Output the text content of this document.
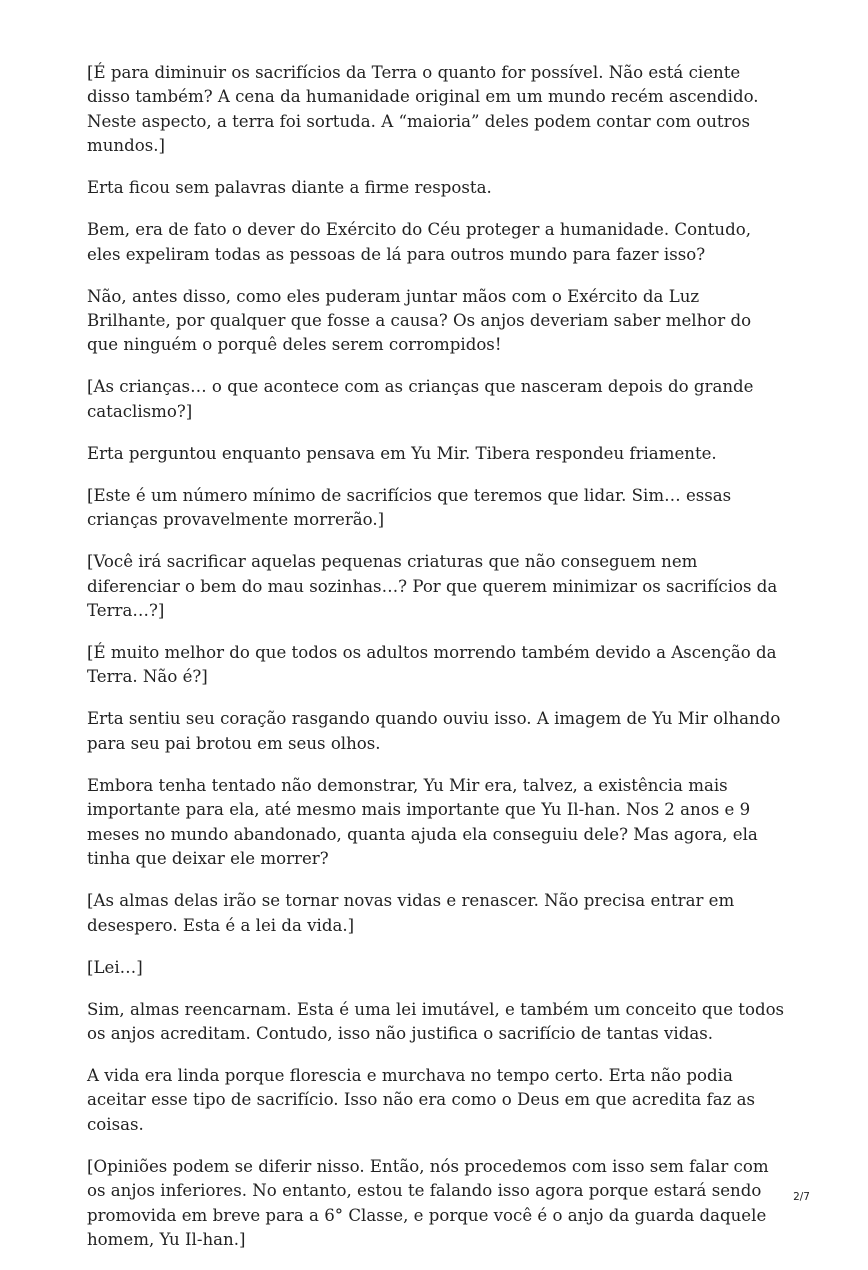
[É para diminuir os sacrifícios da Terra o quanto for possível. Não está ciente disso também? A cena da humanidade original em um mundo recém ascendido. Neste aspecto, a terra foi sortuda. A “maioria” deles podem contar com outros mundos.]

Erta ficou sem palavras diante a firme resposta.

Bem, era de fato o dever do Exército do Céu proteger a humanidade. Contudo, eles expeliram todas as pessoas de lá para outros mundo para fazer isso?

Não, antes disso, como eles puderam juntar mãos com o Exército da Luz Brilhante, por qualquer que fosse a causa? Os anjos deveriam saber melhor do que ninguém o porquê deles serem corrompidos!

[As crianças… o que acontece com as crianças que nasceram depois do grande cataclismo?]

Erta perguntou enquanto pensava em Yu Mir. Tibera respondeu friamente.

[Este é um número mínimo de sacrifícios que teremos que lidar. Sim… essas crianças provavelmente morrerão.]

[Você irá sacrificar aquelas pequenas criaturas que não conseguem nem diferenciar o bem do mau sozinhas…? Por que querem minimizar os sacrifícios da Terra…?]

[É muito melhor do que todos os adultos morrendo também devido a Ascenção da Terra. Não é?]

Erta sentiu seu coração rasgando quando ouviu isso. A imagem de Yu Mir olhando para seu pai brotou em seus olhos.

Embora tenha tentado não demonstrar, Yu Mir era, talvez, a existência mais importante para ela, até mesmo mais importante que Yu Il-han. Nos 2 anos e 9 meses no mundo abandonado, quanta ajuda ela conseguiu dele? Mas agora, ela tinha que deixar ele morrer?

[As almas delas irão se tornar novas vidas e renascer. Não precisa entrar em desespero. Esta é a lei da vida.]

[Lei…]

Sim, almas reencarnam. Esta é uma lei imutável, e também um conceito que todos os anjos acreditam. Contudo, isso não justifica o sacrifício de tantas vidas.

A vida era linda porque florescia e murchava no tempo certo. Erta não podia aceitar esse tipo de sacrifício. Isso não era como o Deus em que acredita faz as coisas.

[Opiniões podem se diferir nisso. Então, nós procedemos com isso sem falar com os anjos inferiores. No entanto, estou te falando isso agora porque estará sendo promovida em breve para a 6° Classe, e porque você é o anjo da guarda daquele homem, Yu Il-han.]

2/7
